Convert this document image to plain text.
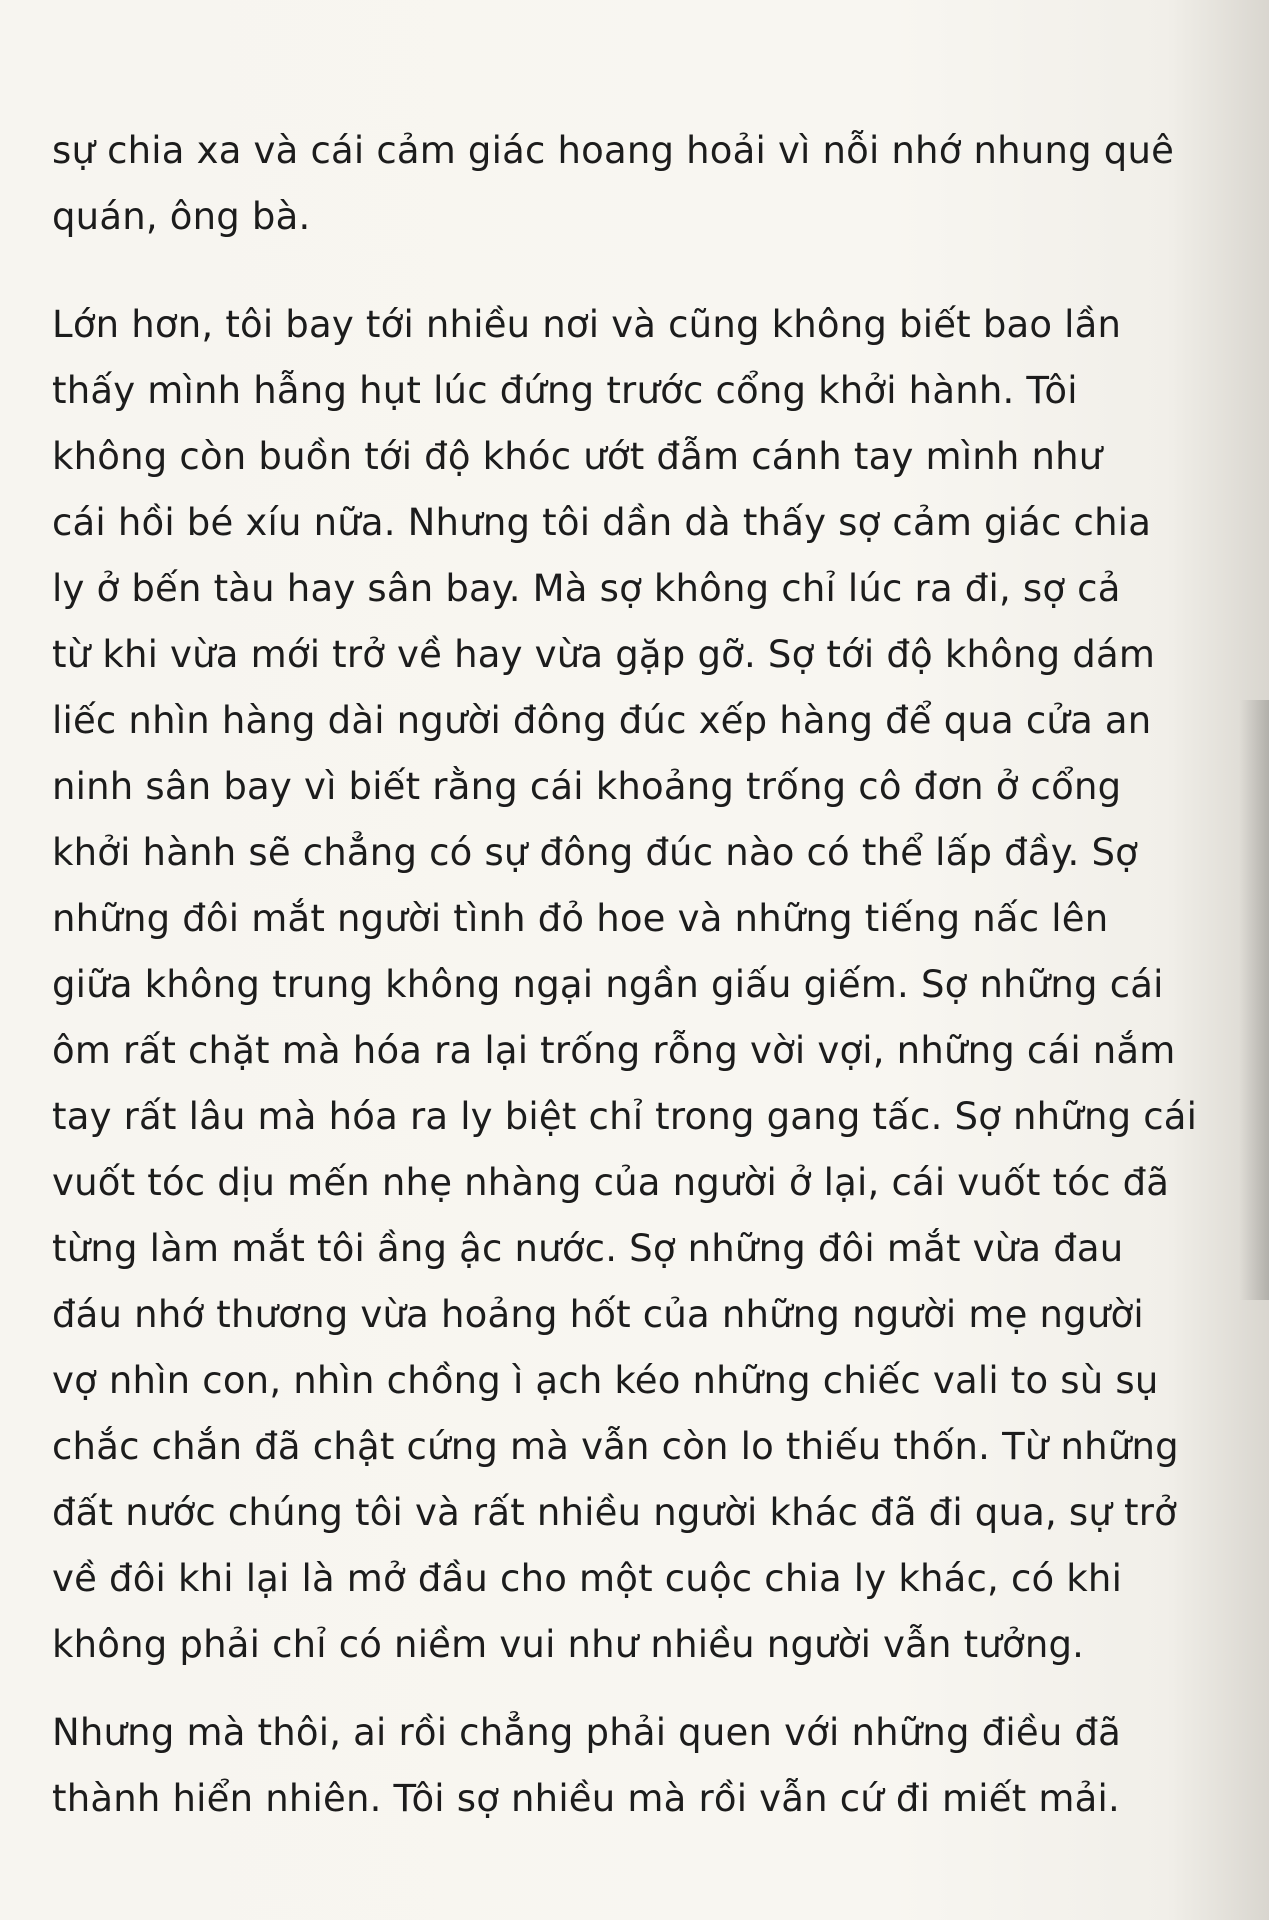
sự chia xa và cái cảm giác hoang hoải vì nỗi nhớ nhung quê
quán, ông bà.
Lớn hơn, tôi bay tới nhiều nơi và cũng không biết bao lần
thấy mình hẫng hụt lúc đứng trước cổng khởi hành. Tôi
không còn buồn tới độ khóc ướt đẫm cánh tay mình như
cái hồi bé xíu nữa. Nhưng tôi dần dà thấy sợ cảm giác chia
ly ở bến tàu hay sân bay. Mà sợ không chỉ lúc ra đi, sợ cả
từ khi vừa mới trở về hay vừa gặp gỡ. Sợ tới độ không dám
liếc nhìn hàng dài người đông đúc xếp hàng để qua cửa an
ninh sân bay vì biết rằng cái khoảng trống cô đơn ở cổng
khởi hành sẽ chẳng có sự đông đúc nào có thể lấp đầy. Sợ
những đôi mắt người tình đỏ hoe và những tiếng nấc lên
giữa không trung không ngại ngần giấu giếm. Sợ những cái
ôm rất chặt mà hóa ra lại trống rỗng vời vợi, những cái nắm
tay rất lâu mà hóa ra ly biệt chỉ trong gang tấc. Sợ những cái
vuốt tóc dịu mến nhẹ nhàng của người ở lại, cái vuốt tóc đã
từng làm mắt tôi ầng ậc nước. Sợ những đôi mắt vừa đau
đáu nhớ thương vừa hoảng hốt của những người mẹ người
vợ nhìn con, nhìn chồng ì ạch kéo những chiếc vali to sù sụ
chắc chắn đã chật cứng mà vẫn còn lo thiếu thốn. Từ những
đất nước chúng tôi và rất nhiều người khác đã đi qua, sự trở
về đôi khi lại là mở đầu cho một cuộc chia ly khác, có khi
không phải chỉ có niềm vui như nhiều người vẫn tưởng.
Nhưng mà thôi, ai rồi chẳng phải quen với những điều đã
thành hiển nhiên. Tôi sợ nhiều mà rồi vẫn cứ đi miết mải.
